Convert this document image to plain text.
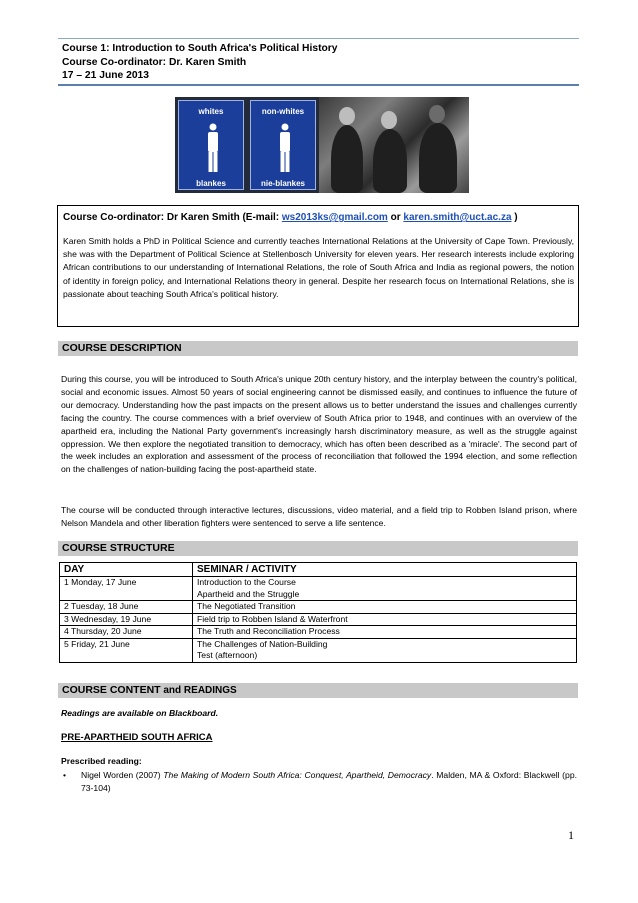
Course 1: Introduction to South Africa's Political History
Course Co-ordinator: Dr. Karen Smith
17 – 21 June 2013
whites
blankes
non-whites
nie-blankes
Course Co-ordinator: Dr Karen Smith (E-mail: ws2013ks@gmail.com or karen.smith@uct.ac.za )
Karen Smith holds a PhD in Political Science and currently teaches International Relations at the University of Cape Town. Previously, she was with the Department of Political Science at Stellenbosch University for eleven years. Her research interests include exploring African contributions to our understanding of International Relations, the role of South Africa and India as regional powers, the notion of identity in foreign policy, and International Relations theory in general. Despite her research focus on International Relations, she is passionate about teaching South Africa's political history.
COURSE DESCRIPTION
During this course, you will be introduced to South Africa's unique 20th century history, and the interplay between the country's political, social and economic issues. Almost 50 years of social engineering cannot be dismissed easily, and continues to influence the future of our democracy. Understanding how the past impacts on the present allows us to better understand the issues and challenges currently facing the country. The course commences with a brief overview of South Africa prior to 1948, and continues with an overview of the apartheid era, including the National Party government's increasingly harsh discriminatory measure, as well as the struggle against oppression. We then explore the negotiated transition to democracy, which has often been described as a 'miracle'. The second part of the week includes an exploration and assessment of the process of reconciliation that followed the 1994 election, and some reflection on the challenges of nation-building facing the post-apartheid state.
The course will be conducted through interactive lectures, discussions, video material, and a field trip to Robben Island prison, where Nelson Mandela and other liberation fighters were sentenced to serve a life sentence.
COURSE STRUCTURE
DAY	SEMINAR / ACTIVITY
1 Monday, 17 June	Introduction to the Course
Apartheid and the Struggle

2 Tuesday, 18 June	The Negotiated Transition
3 Wednesday, 19 June	Field trip to Robben Island & Waterfront
4 Thursday, 20 June	The Truth and Reconciliation Process
5 Friday, 21 June	The Challenges of Nation-Building
Test (afternoon)
COURSE CONTENT and READINGS
Readings are available on Blackboard.
PRE-APARTHEID SOUTH AFRICA
Prescribed reading:
• Nigel Worden (2007) The Making of Modern South Africa: Conquest, Apartheid, Democracy. Malden, MA & Oxford: Blackwell (pp. 73-104)
1
